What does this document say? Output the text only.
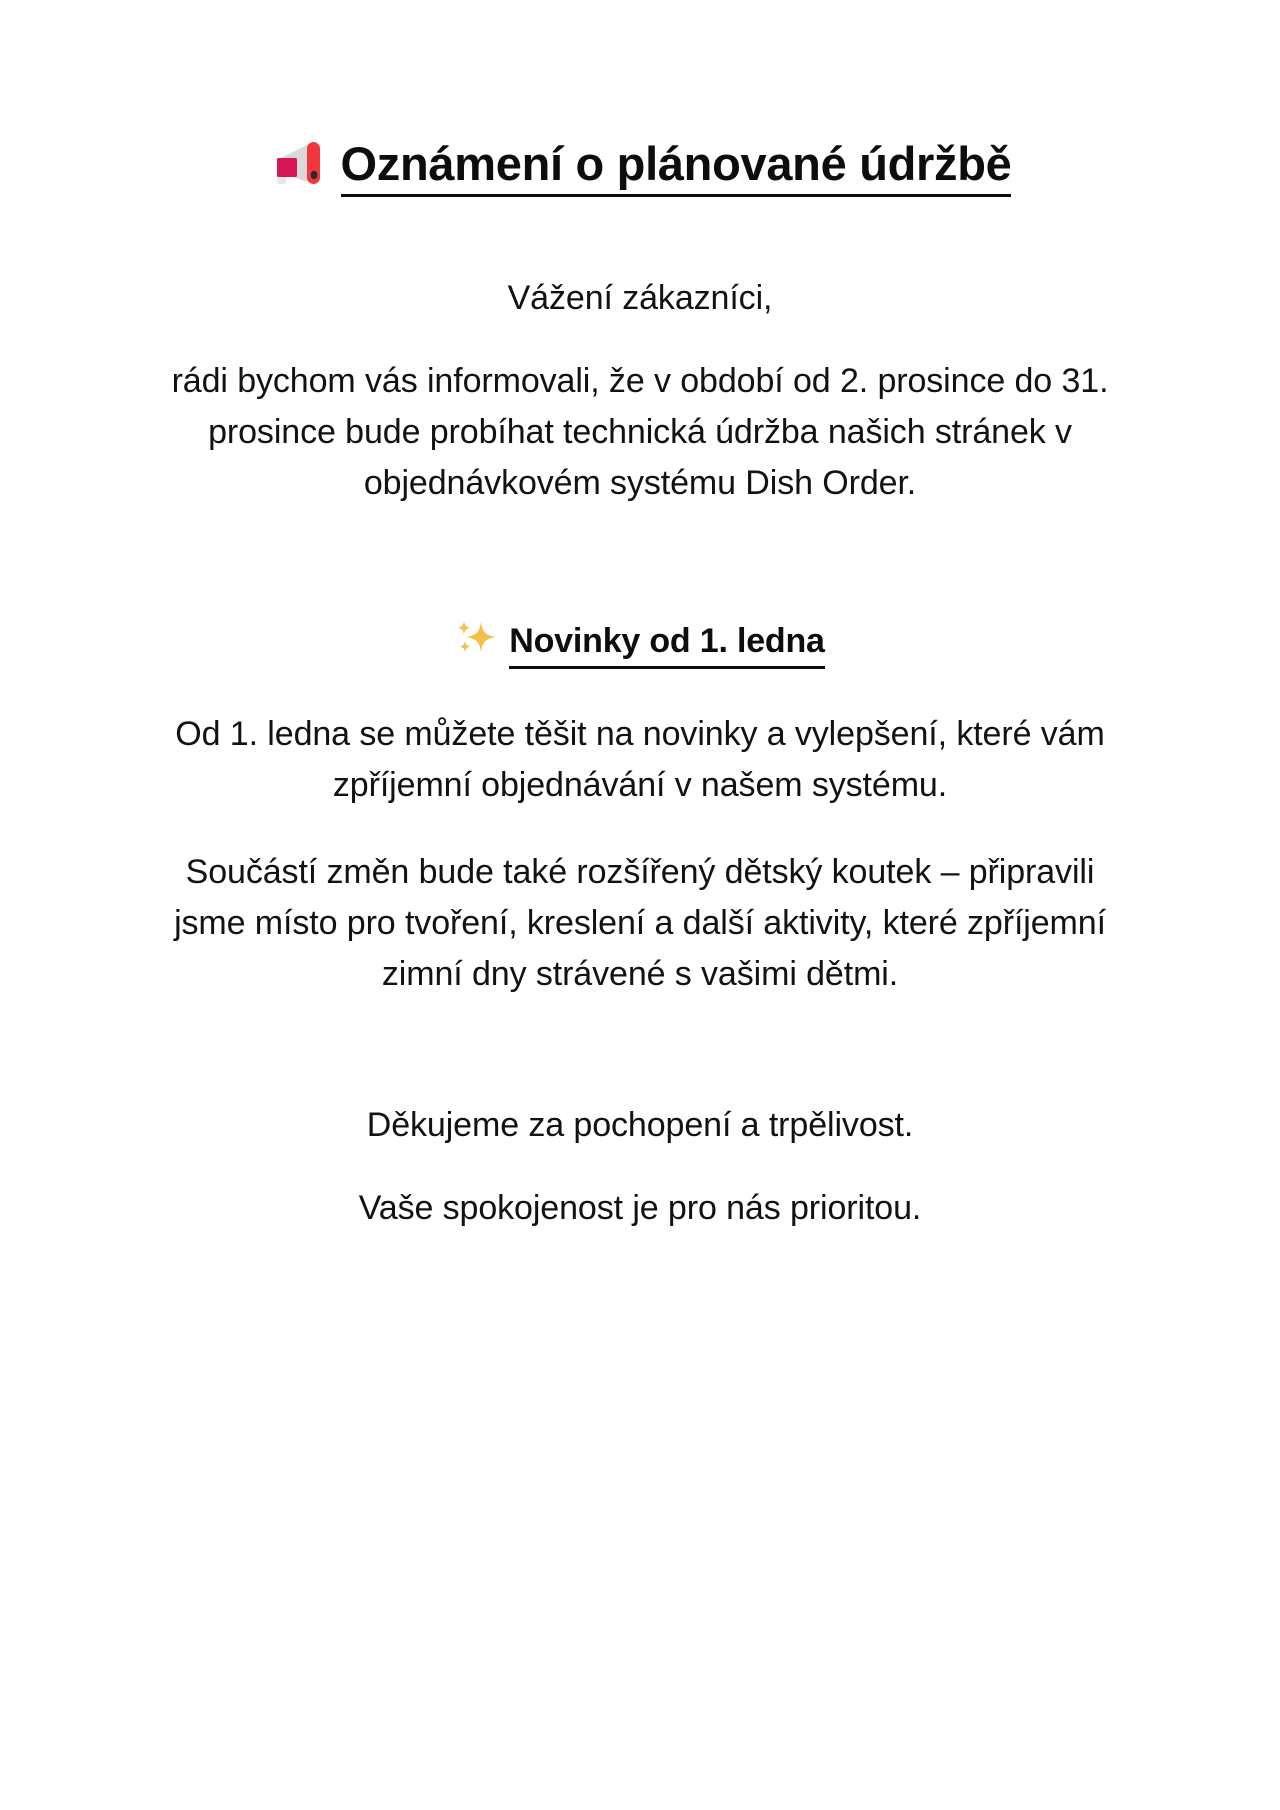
Oznámení o plánované údržbě

Vážení zákazníci,

rádi bychom vás informovali, že v období od 2. prosince do 31. prosince bude probíhat technická údržba našich stránek v objednávkovém systému Dish Order.

Novinky od 1. ledna

Od 1. ledna se můžete těšit na novinky a vylepšení, které vám zpříjemní objednávání v našem systému.

Součástí změn bude také rozšířený dětský koutek – připravili jsme místo pro tvoření, kreslení a další aktivity, které zpříjemní zimní dny strávené s vašimi dětmi.

Děkujeme za pochopení a trpělivost.

Vaše spokojenost je pro nás prioritou.
